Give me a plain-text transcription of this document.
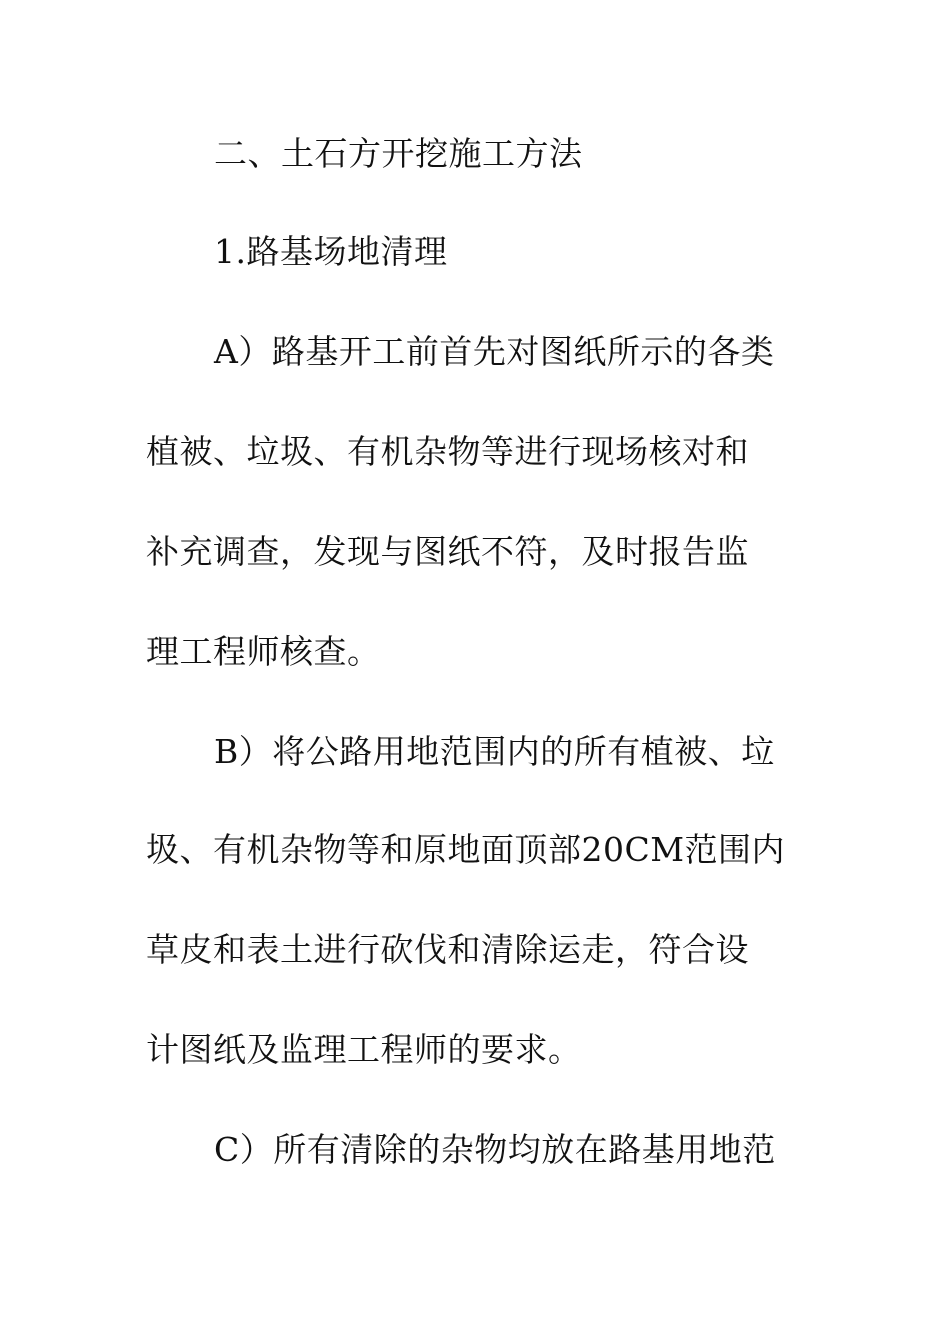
二、土石方开挖施工方法
1.路基场地清理
A）路基开工前首先对图纸所示的各类
植被、垃圾、有机杂物等进行现场核对和
补充调查，发现与图纸不符，及时报告监
理工程师核查。
B）将公路用地范围内的所有植被、垃
圾、有机杂物等和原地面顶部20CM范围内
草皮和表土进行砍伐和清除运走，符合设
计图纸及监理工程师的要求。
C）所有清除的杂物均放在路基用地范
